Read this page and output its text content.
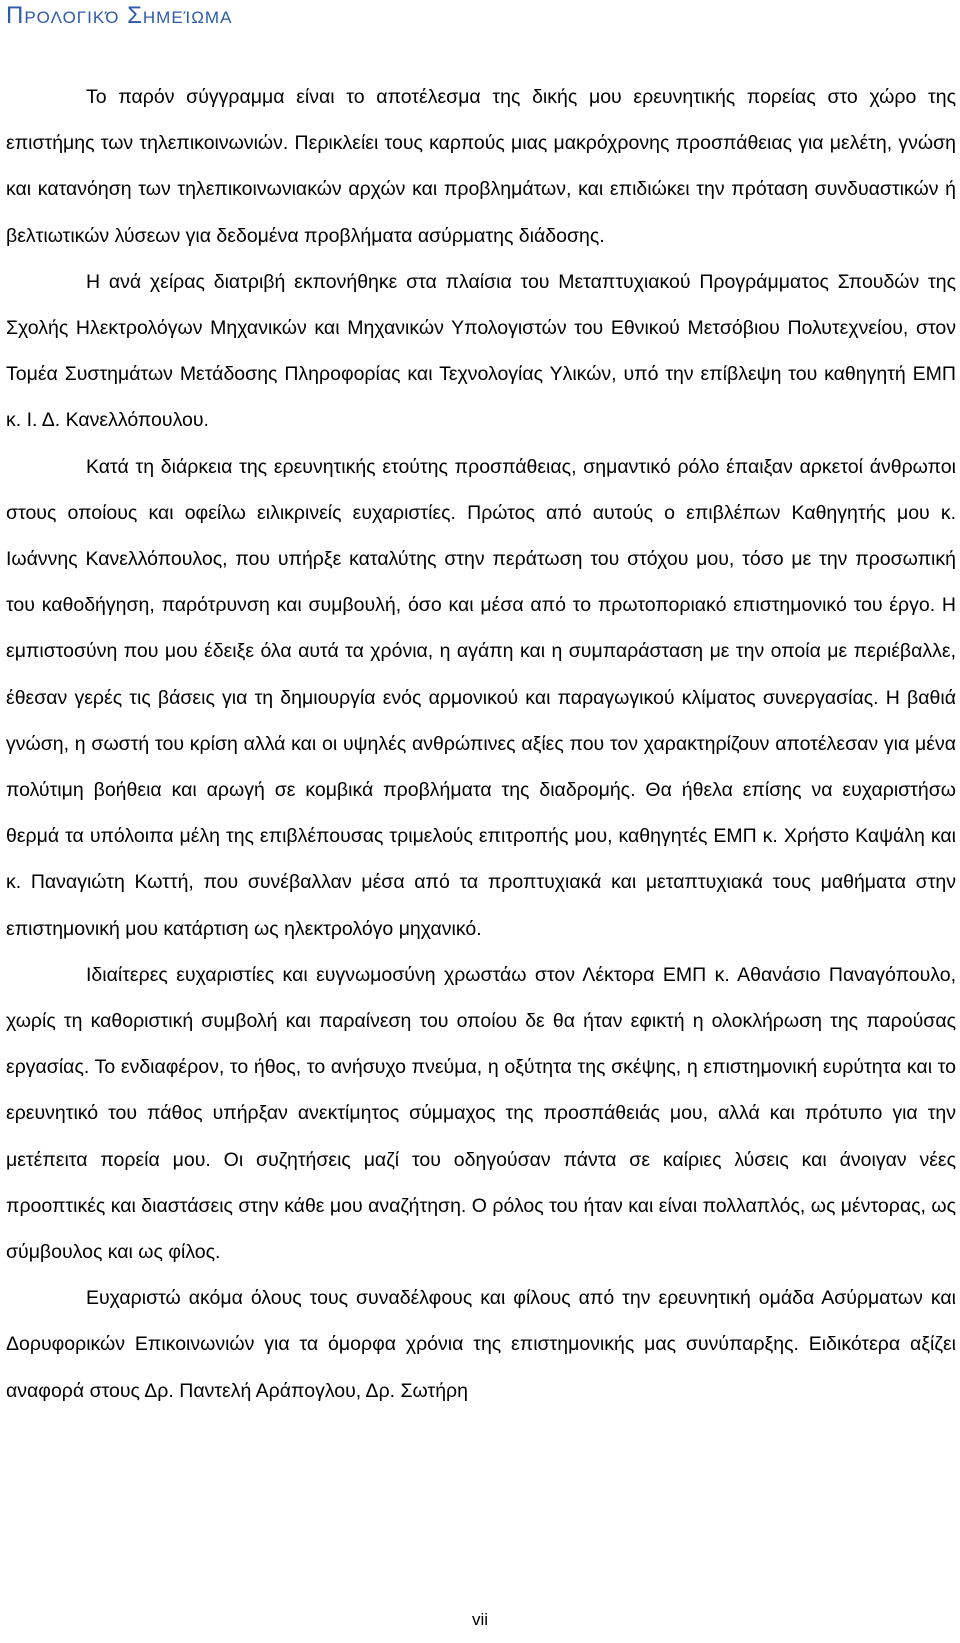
Προλογικό Σημείωμα

Το παρόν σύγγραμμα είναι το αποτέλεσμα της δικής μου ερευνητικής πορείας στο χώρο της επιστήμης των τηλεπικοινωνιών. Περικλείει τους καρπούς μιας μακρόχρονης προσπάθειας για μελέτη, γνώση και κατανόηση των τηλεπικοινωνιακών αρχών και προβλημάτων, και επιδιώκει την πρόταση συνδυαστικών ή βελτιωτικών λύσεων για δεδομένα προβλήματα ασύρματης διάδοσης.

Η ανά χείρας διατριβή εκπονήθηκε στα πλαίσια του Μεταπτυχιακού Προγράμματος Σπουδών της Σχολής Ηλεκτρολόγων Μηχανικών και Μηχανικών Υπολογιστών του Εθνικού Μετσόβιου Πολυτεχνείου, στον Τομέα Συστημάτων Μετάδοσης Πληροφορίας και Τεχνολογίας Υλικών, υπό την επίβλεψη του καθηγητή ΕΜΠ κ. Ι. Δ. Κανελλόπουλου.

Κατά τη διάρκεια της ερευνητικής ετούτης προσπάθειας, σημαντικό ρόλο έπαιξαν αρκετοί άνθρωποι στους οποίους και οφείλω ειλικρινείς ευχαριστίες. Πρώτος από αυτούς ο επιβλέπων Καθηγητής μου κ. Ιωάννης Κανελλόπουλος, που υπήρξε καταλύτης στην περάτωση του στόχου μου, τόσο με την προσωπική του καθοδήγηση, παρότρυνση και συμβουλή, όσο και μέσα από το πρωτοποριακό επιστημονικό του έργο. Η εμπιστοσύνη που μου έδειξε όλα αυτά τα χρόνια, η αγάπη και η συμπαράσταση με την οποία με περιέβαλλε, έθεσαν γερές τις βάσεις για τη δημιουργία ενός αρμονικού και παραγωγικού κλίματος συνεργασίας. Η βαθιά γνώση, η σωστή του κρίση αλλά και οι υψηλές ανθρώπινες αξίες που τον χαρακτηρίζουν αποτέλεσαν για μένα πολύτιμη βοήθεια και αρωγή σε κομβικά προβλήματα της διαδρομής. Θα ήθελα επίσης να ευχαριστήσω θερμά τα υπόλοιπα μέλη της επιβλέπουσας τριμελούς επιτροπής μου, καθηγητές ΕΜΠ κ. Χρήστο Καψάλη και κ. Παναγιώτη Κωττή, που συνέβαλλαν μέσα από τα προπτυχιακά και μεταπτυχιακά τους μαθήματα στην επιστημονική μου κατάρτιση ως ηλεκτρολόγο μηχανικό.

Ιδιαίτερες ευχαριστίες και ευγνωμοσύνη χρωστάω στον Λέκτορα ΕΜΠ κ. Αθανάσιο Παναγόπουλο, χωρίς τη καθοριστική συμβολή και παραίνεση του οποίου δε θα ήταν εφικτή η ολοκλήρωση της παρούσας εργασίας. Το ενδιαφέρον, το ήθος, το ανήσυχο πνεύμα, η οξύτητα της σκέψης, η επιστημονική ευρύτητα και το ερευνητικό του πάθος υπήρξαν ανεκτίμητος σύμμαχος της προσπάθειάς μου, αλλά και πρότυπο για την μετέπειτα πορεία μου. Οι συζητήσεις μαζί του οδηγούσαν πάντα σε καίριες λύσεις και άνοιγαν νέες προοπτικές και διαστάσεις στην κάθε μου αναζήτηση. Ο ρόλος του ήταν και είναι πολλαπλός, ως μέντορας, ως σύμβουλος και ως φίλος.

Ευχαριστώ ακόμα όλους τους συναδέλφους και φίλους από την ερευνητική ομάδα Ασύρματων και Δορυφορικών Επικοινωνιών για τα όμορφα χρόνια της επιστημονικής μας συνύπαρξης. Ειδικότερα αξίζει αναφορά στους Δρ. Παντελή Αράπογλου, Δρ. Σωτήρη

vii
